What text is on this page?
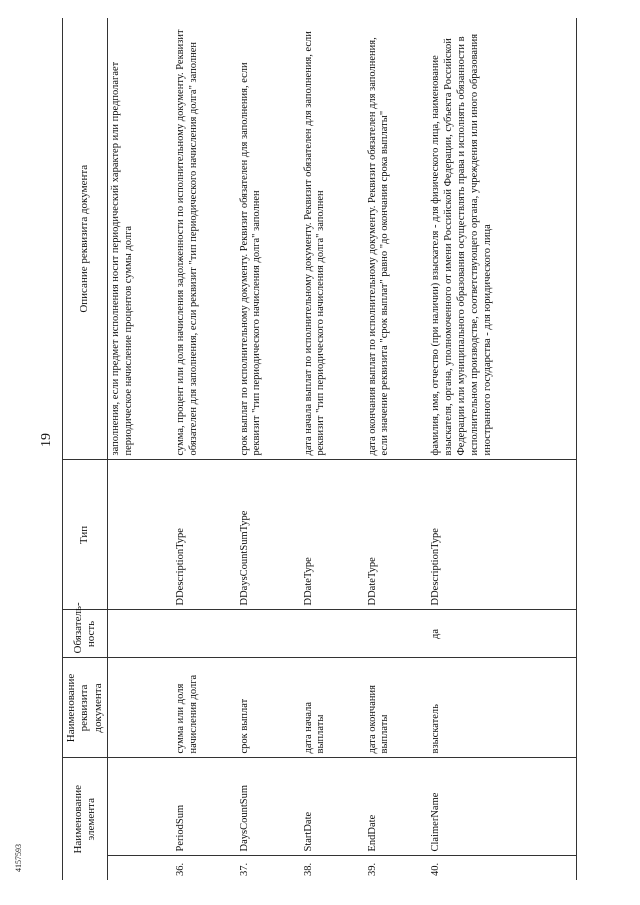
19
4157593
Наименование элемента		Наименование реквизита документа	Обязатель-ность	Тип	Описание реквизита документа
					заполнения, если предмет исполнения носит периодический характер или предполагает периодическое начисление процентов суммы долга
36.	PeriodSum	сумма или доля начисления долга		DDescriptionType	сумма, процент или доля начисления задолженности по исполнительному документу. Реквизит обязателен для заполнения, если реквизит "тип периодического начисления долга" заполнен
37.	DaysCountSum	срок выплат		DDaysCountSumType	срок выплат по исполнительному документу. Реквизит обязателен для заполнения, если реквизит "тип периодического начисления долга" заполнен
38.	StartDate	дата начала выплаты		DDateType	дата начала выплат по исполнительному документу. Реквизит обязателен для заполнения, если реквизит "тип периодического начисления долга" заполнен
39.	EndDate	дата окончания выплаты		DDateType	дата окончания выплат по исполнительному документу. Реквизит обязателен для заполнения, если значение реквизита "срок выплат" равно "до окончания срока выплаты"
40.	ClaimerName	взыскатель	да	DDescriptionType	фамилия, имя, отчество (при наличии) взыскателя - для физического лица, наименование взыскателя, органа, уполномоченного от имени Российской Федерации, субъекта Российской Федерации или муниципального образования осуществлять права и исполнять обязанности в исполнительном производстве, соответствующего органа, учреждения или иного образования иностранного государства - для юридического лица
